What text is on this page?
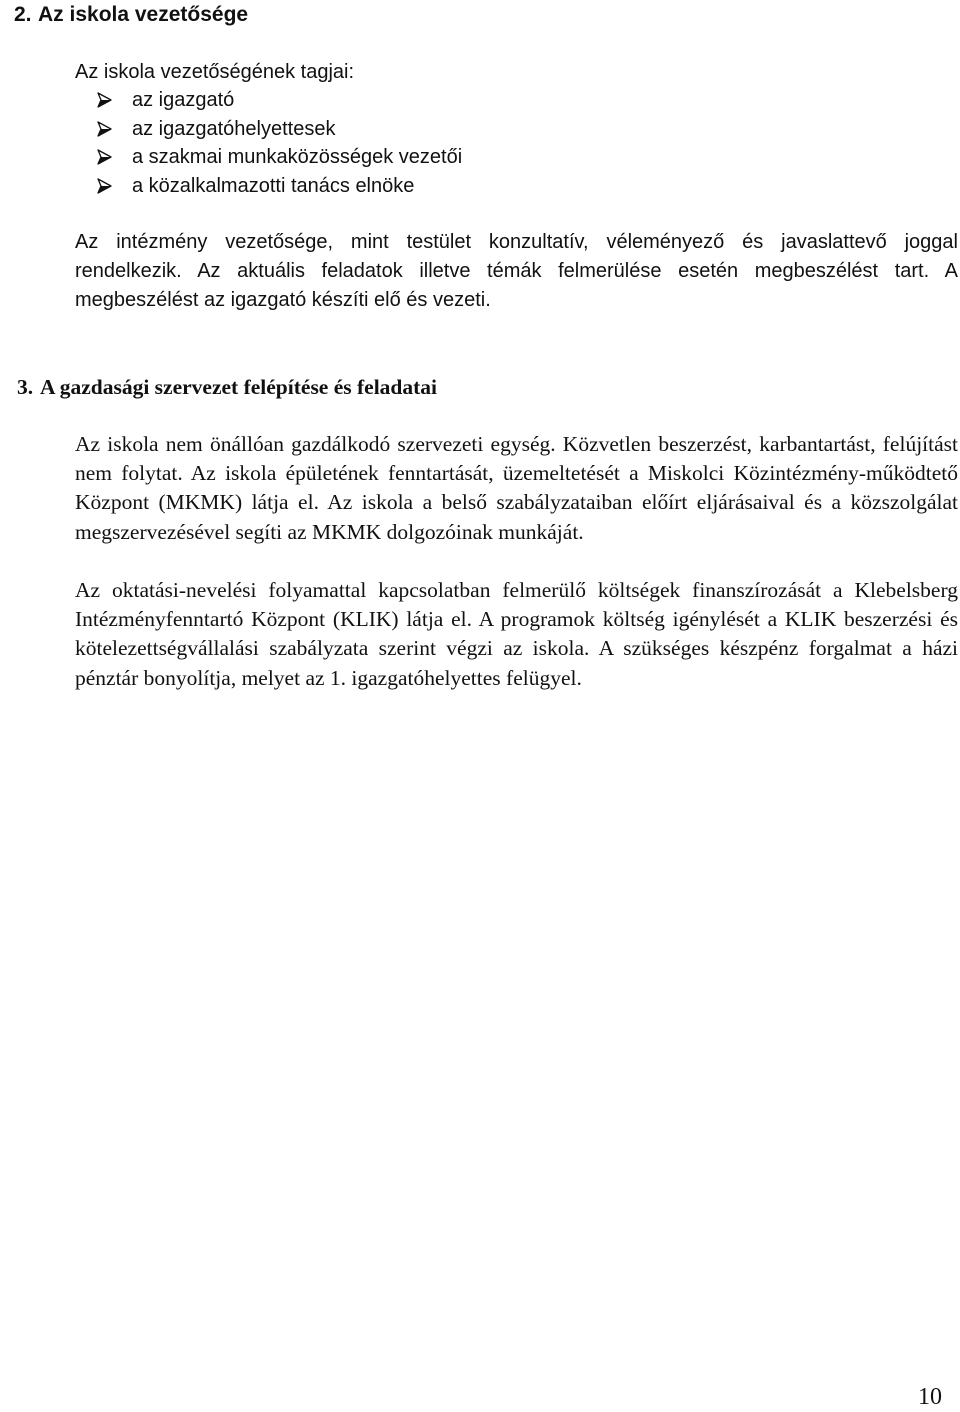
2. Az iskola vezetősége
Az iskola vezetőségének tagjai:
az igazgató
az igazgatóhelyettesek
a szakmai munkaközösségek vezetői
a közalkalmazotti tanács elnöke

Az intézmény vezetősége, mint testület konzultatív, véleményező és javaslattevő joggal rendelkezik. Az aktuális feladatok illetve témák felmerülése esetén megbeszélést tart. A megbeszélést az igazgató készíti elő és vezeti.

3. A gazdasági szervezet felépítése és feladatai

Az iskola nem önállóan gazdálkodó szervezeti egység. Közvetlen beszerzést, karbantartást, felújítást nem folytat. Az iskola épületének fenntartását, üzemeltetését a Miskolci Közintézmény-működtető Központ (MKMK) látja el. Az iskola a belső szabályzataiban előírt eljárásaival és a közszolgálat megszervezésével segíti az MKMK dolgozóinak munkáját.

Az oktatási-nevelési folyamattal kapcsolatban felmerülő költségek finanszírozását a Klebelsberg Intézményfenntartó Központ (KLIK) látja el. A programok költség igénylését a KLIK beszerzési és kötelezettségvállalási szabályzata szerint végzi az iskola. A szükséges készpénz forgalmat a házi pénztár bonyolítja, melyet az 1. igazgatóhelyettes felügyel.

10
